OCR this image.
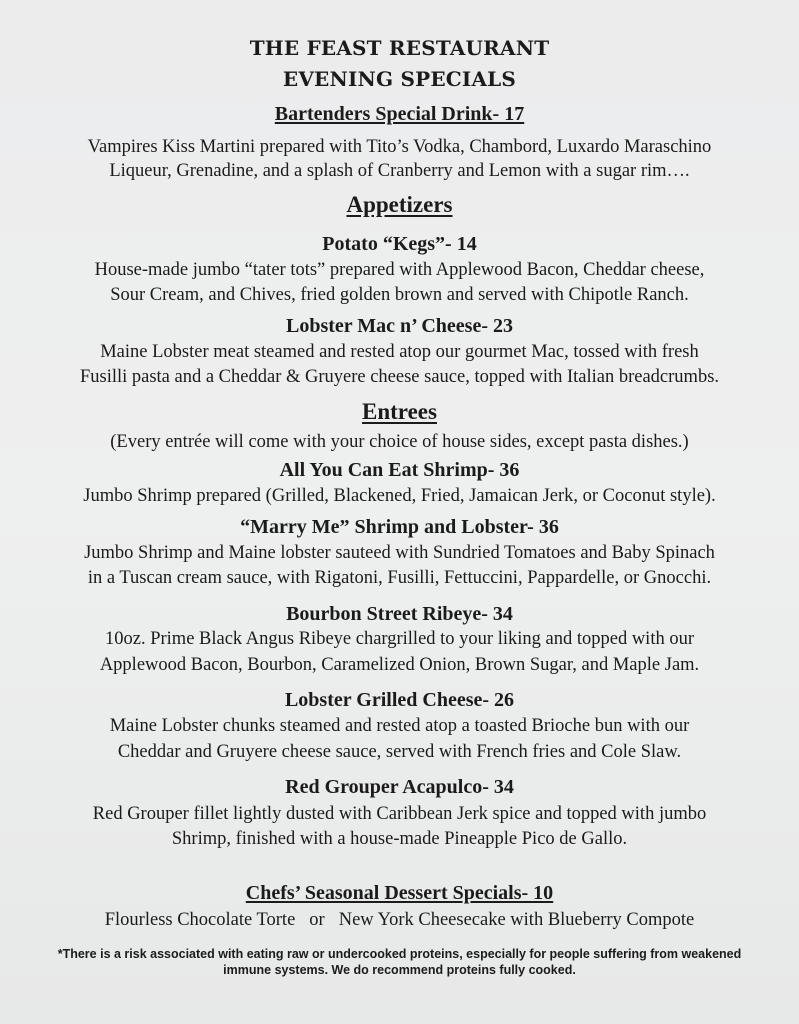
THE FEAST RESTAURANT
EVENING SPECIALS
Bartenders Special Drink- 17
Vampires Kiss Martini prepared with Tito’s Vodka, Chambord, Luxardo Maraschino
Liqueur, Grenadine, and a splash of Cranberry and Lemon with a sugar rim….
Appetizers
Potato “Kegs”- 14
House-made jumbo “tater tots” prepared with Applewood Bacon, Cheddar cheese,
Sour Cream, and Chives, fried golden brown and served with Chipotle Ranch.
Lobster Mac n’ Cheese- 23
Maine Lobster meat steamed and rested atop our gourmet Mac, tossed with fresh
Fusilli pasta and a Cheddar & Gruyere cheese sauce, topped with Italian breadcrumbs.
Entrees
(Every entrée will come with your choice of house sides, except pasta dishes.)
All You Can Eat Shrimp- 36
Jumbo Shrimp prepared (Grilled, Blackened, Fried, Jamaican Jerk, or Coconut style).
“Marry Me” Shrimp and Lobster- 36
Jumbo Shrimp and Maine lobster sauteed with Sundried Tomatoes and Baby Spinach
in a Tuscan cream sauce, with Rigatoni, Fusilli, Fettuccini, Pappardelle, or Gnocchi.
Bourbon Street Ribeye- 34
10oz. Prime Black Angus Ribeye chargrilled to your liking and topped with our
Applewood Bacon, Bourbon, Caramelized Onion, Brown Sugar, and Maple Jam.
Lobster Grilled Cheese- 26
Maine Lobster chunks steamed and rested atop a toasted Brioche bun with our
Cheddar and Gruyere cheese sauce, served with French fries and Cole Slaw.
Red Grouper Acapulco- 34
Red Grouper fillet lightly dusted with Caribbean Jerk spice and topped with jumbo
Shrimp, finished with a house-made Pineapple Pico de Gallo.
Chefs’ Seasonal Dessert Specials- 10
Flourless Chocolate Torte or New York Cheesecake with Blueberry Compote
*There is a risk associated with eating raw or undercooked proteins, especially for people suffering from weakened
immune systems. We do recommend proteins fully cooked.
